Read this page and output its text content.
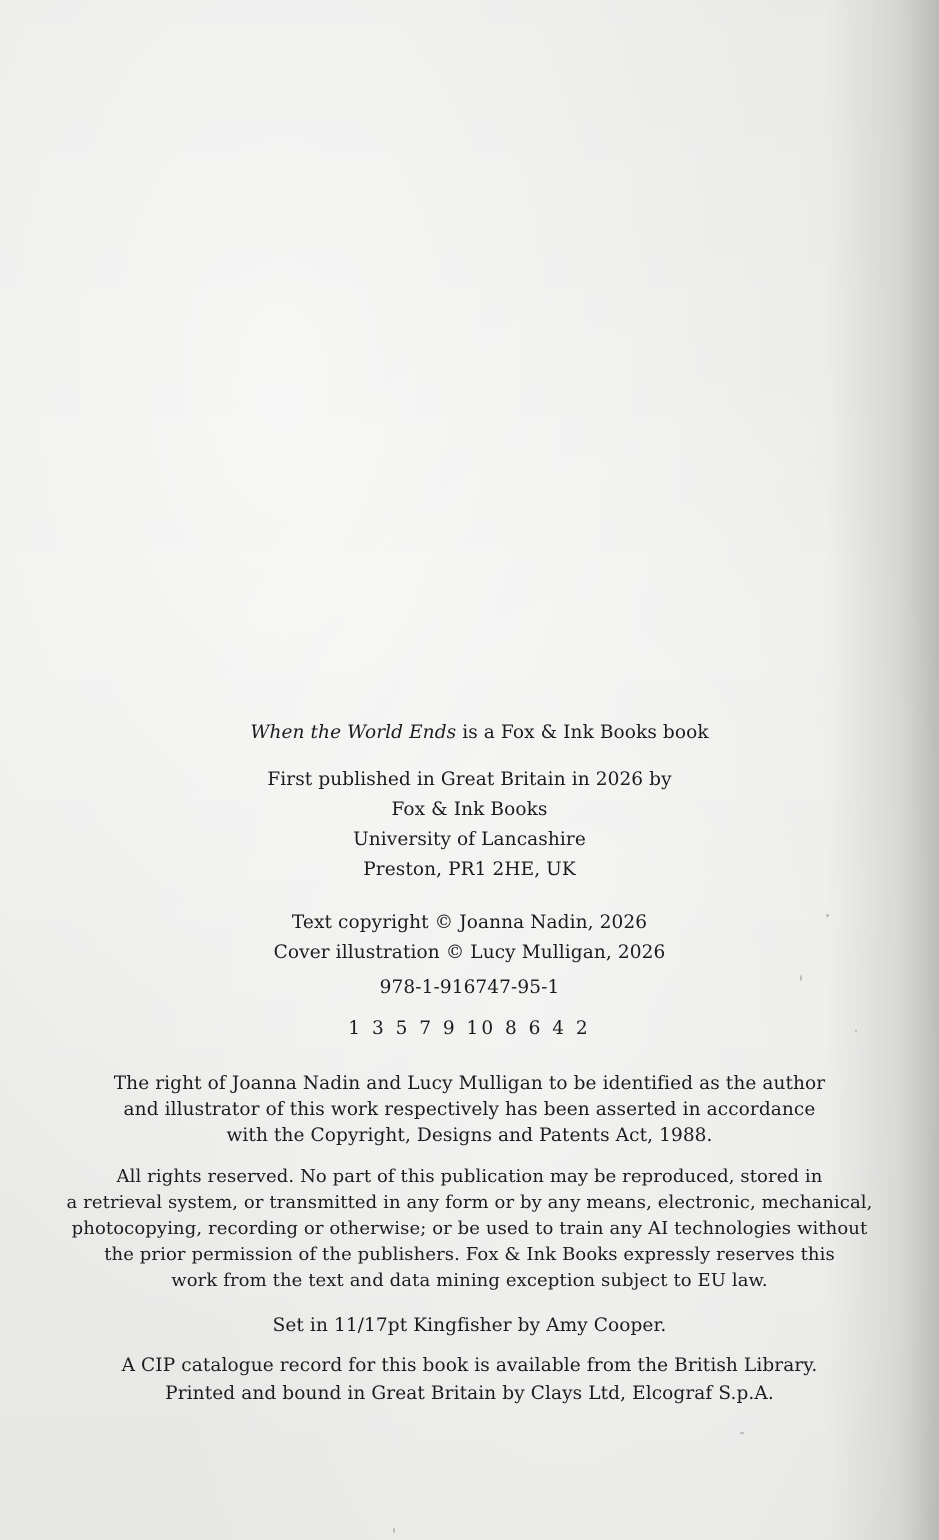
When the World Ends is a Fox & Ink Books book
First published in Great Britain in 2026 by
Fox & Ink Books
University of Lancashire
Preston, PR1 2HE, UK
Text copyright © Joanna Nadin, 2026
Cover illustration © Lucy Mulligan, 2026
978-1-916747-95-1
1 3 5 7 9 10 8 6 4 2
The right of Joanna Nadin and Lucy Mulligan to be identified as the author
and illustrator of this work respectively has been asserted in accordance
with the Copyright, Designs and Patents Act, 1988.
All rights reserved. No part of this publication may be reproduced, stored in
a retrieval system, or transmitted in any form or by any means, electronic, mechanical,
photocopying, recording or otherwise; or be used to train any AI technologies without
the prior permission of the publishers. Fox & Ink Books expressly reserves this
work from the text and data mining exception subject to EU law.
Set in 11/17pt Kingfisher by Amy Cooper.
A CIP catalogue record for this book is available from the British Library.
Printed and bound in Great Britain by Clays Ltd, Elcograf S.p.A.
